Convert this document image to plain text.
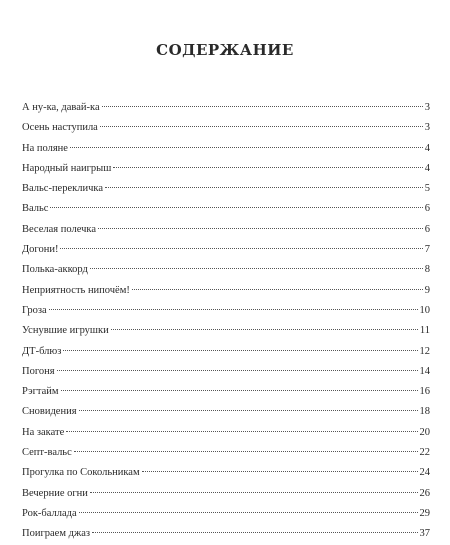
СОДЕРЖАНИЕ
А ну-ка, давай-ка	3
Осень наступила	3
На поляне	4
Народный наигрыш	4
Вальс-перекличка	5
Вальс	6
Веселая полечка	6
Догони!	7
Полька-аккорд	8
Неприятность нипочём!	9
Гроза	10
Уснувшие игрушки	11
ДТ-блюз	12
Погоня	14
Рэгтайм	16
Сновидения	18
На закате	20
Септ-вальс	22
Прогулка по Сокольникам	24
Вечерние огни	26
Рок-баллада	29
Поиграем джаз	37
